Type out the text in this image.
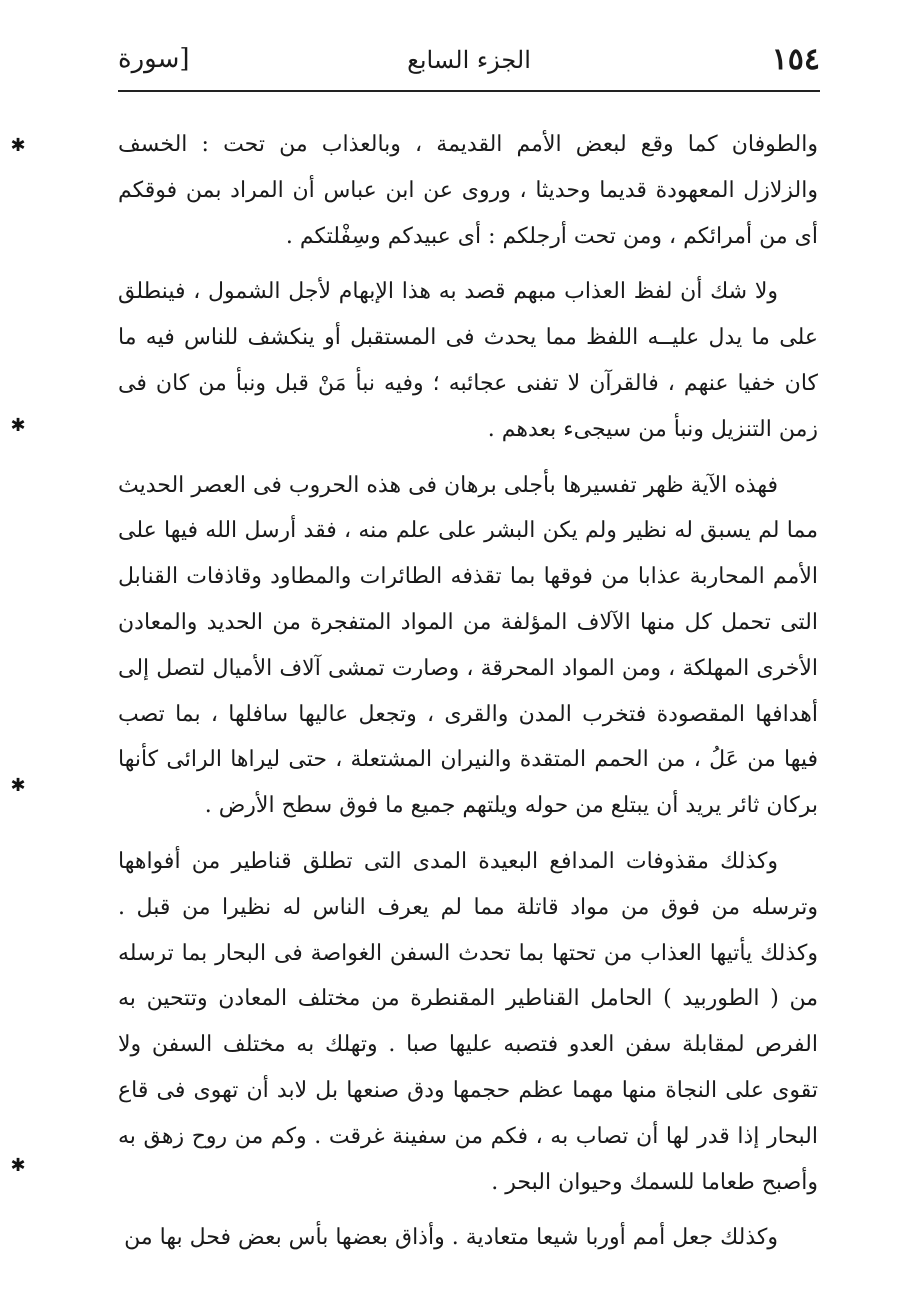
١٥٤
الجزء السابع
[سورة

والطوفان كما وقع لبعض الأمم القديمة ، وبالعذاب من تحت : الخسف والزلازل المعهودة قديما وحديثا ، وروى عن ابن عباس أن المراد بمن فوقكم أى من أمرائكم ، ومن تحت أرجلكم : أى عبيدكم وسِفْلتكم .

ولا شك أن لفظ العذاب مبهم قصد به هذا الإبهام لأجل الشمول ، فينطلق على ما يدل عليــه اللفظ مما يحدث فى المستقبل أو ينكشف للناس فيه ما كان خفيا عنهم ، فالقرآن لا تفنى عجائبه ؛ وفيه نبأ مَنْ قبل ونبأ من كان فى زمن التنزيل ونبأ من سيجىء بعدهم .

فهذه الآية ظهر تفسيرها بأجلى برهان فى هذه الحروب فى العصر الحديث مما لم يسبق له نظير ولم يكن البشر على علم منه ، فقد أرسل الله فيها على الأمم المحاربة عذابا من فوقها بما تقذفه الطائرات والمطاود وقاذفات القنابل التى تحمل كل منها الآلاف المؤلفة من المواد المتفجرة من الحديد والمعادن الأخرى المهلكة ، ومن المواد المحرقة ، وصارت تمشى آلاف الأميال لتصل إلى أهدافها المقصودة فتخرب المدن والقرى ، وتجعل عاليها سافلها ، بما تصب فيها من عَلُ ، من الحمم المتقدة والنيران المشتعلة ، حتى ليراها الرائى كأنها بركان ثائر يريد أن يبتلع من حوله ويلتهم جميع ما فوق سطح الأرض .

وكذلك مقذوفات المدافع البعيدة المدى التى تطلق قناطير من أفواهها وترسله من فوق من مواد قاتلة مما لم يعرف الناس له نظيرا من قبل . وكذلك يأتيها العذاب من تحتها بما تحدث السفن الغواصة فى البحار بما ترسله من ( الطوربيد ) الحامل القناطير المقنطرة من مختلف المعادن وتتحين به الفرص لمقابلة سفن العدو فتصبه عليها صبا . وتهلك به مختلف السفن ولا تقوى على النجاة منها مهما عظم حجمها ودق صنعها بل لابد أن تهوى فى قاع البحار إذا قدر لها أن تصاب به ، فكم من سفينة غرقت . وكم من روح زهق به وأصبح طعاما للسمك وحيوان البحر .

وكذلك جعل أمم أوربا شيعا متعادية . وأذاق بعضها بأس بعض فحل بها من

✱
✱
✱
✱
